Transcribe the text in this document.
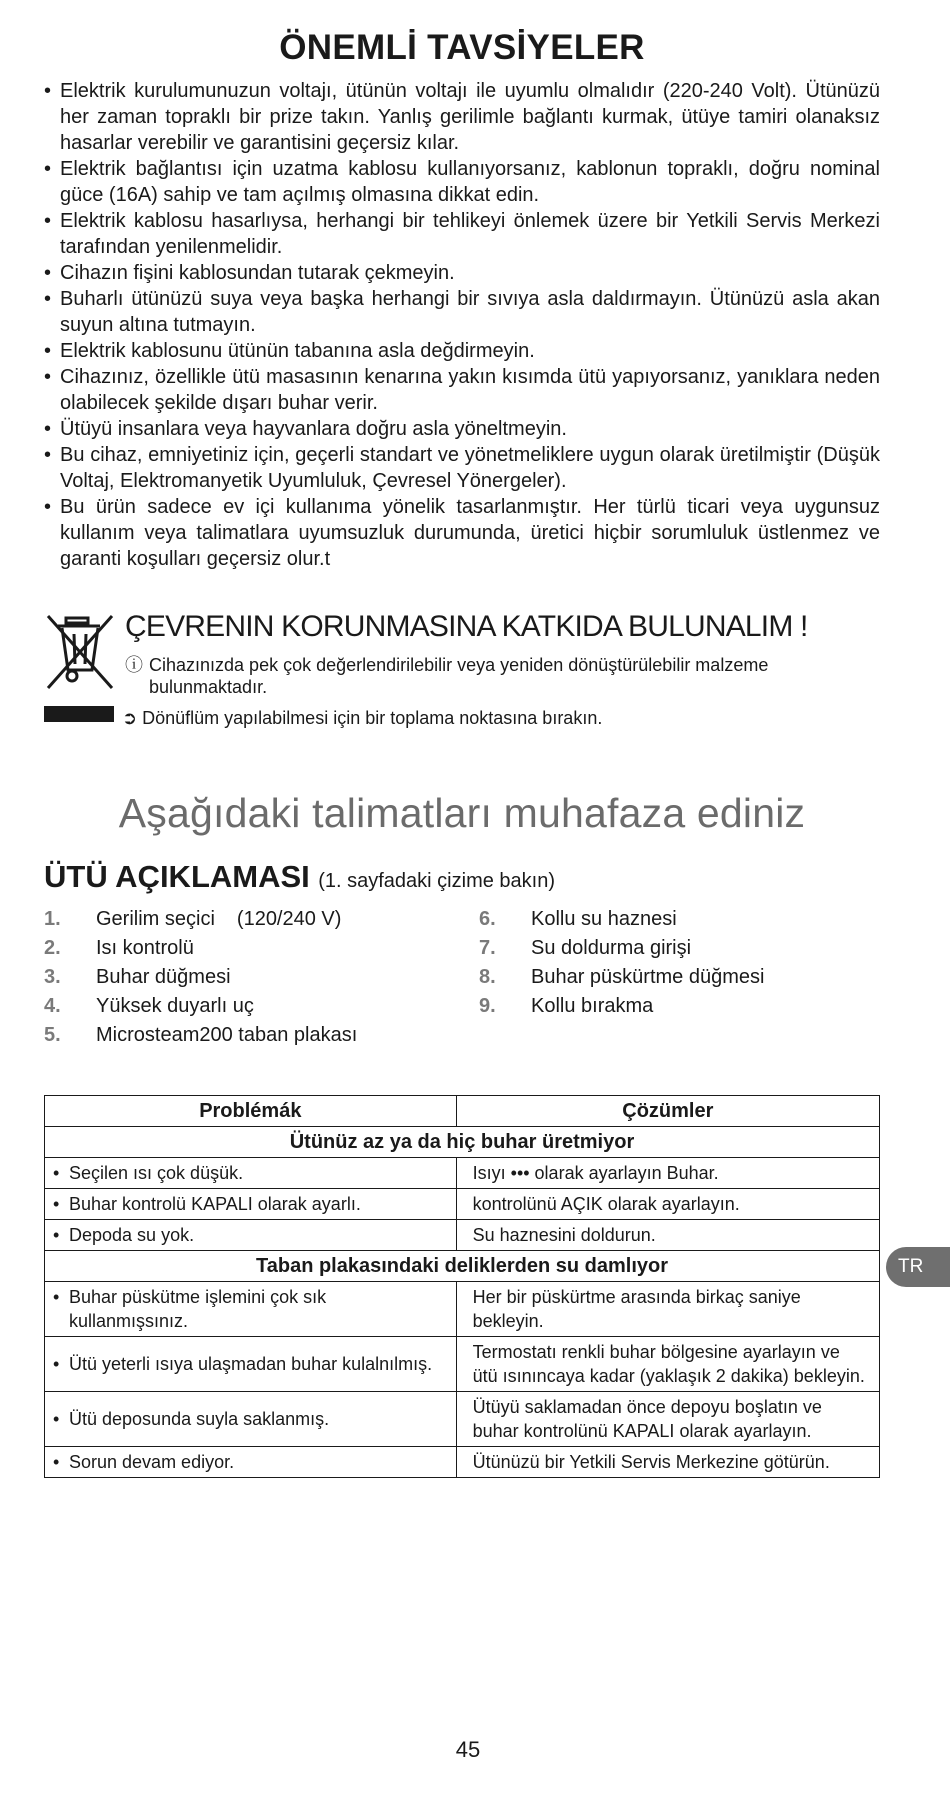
ÖNEMLİ TAVSİYELER
• Elektrik kurulumunuzun voltajı, ütünün voltajı ile uyumlu olmalıdır (220-240 Volt). Ütünüzü her zaman topraklı bir prize takın. Yanlış gerilimle bağlantı kurmak, ütüye tamiri olanaksız hasarlar verebilir ve garantisini geçersiz kılar.
• Elektrik bağlantısı için uzatma kablosu kullanıyorsanız, kablonun topraklı, doğru nominal güce (16A) sahip ve tam açılmış olmasına dikkat edin.
• Elektrik kablosu hasarlıysa, herhangi bir tehlikeyi önlemek üzere bir Yetkili Servis Merkezi tarafından yenilenmelidir.
• Cihazın fişini kablosundan tutarak çekmeyin.
• Buharlı ütünüzü suya veya başka herhangi bir sıvıya asla daldırmayın. Ütünüzü asla akan suyun altına tutmayın.
• Elektrik kablosunu ütünün tabanına asla değdirmeyin.
• Cihazınız, özellikle ütü masasının kenarına yakın kısımda ütü yapıyorsanız, yanıklara neden olabilecek şekilde dışarı buhar verir.
• Ütüyü insanlara veya hayvanlara doğru asla yöneltmeyin.
• Bu cihaz, emniyetiniz için, geçerli standart ve yönetmeliklere uygun olarak üretilmiştir (Düşük Voltaj, Elektromanyetik Uyumluluk, Çevresel Yönergeler).
• Bu ürün sadece ev içi kullanıma yönelik tasarlanmıştır. Her türlü ticari veya uygunsuz kullanım veya talimatlara uyumsuzluk durumunda, üretici hiçbir sorumluluk üstlenmez ve garanti koşulları geçersiz olur.t
ÇEVRENIN KORUNMASINA KATKIDA BULUNALIM !
ⓘ Cihazınızda pek çok değerlendirilebilir veya yeniden dönüştürülebilir malzeme
bulunmaktadır.
➲ Dönüflüm yapılabilmesi için bir toplama noktasına bırakın.
Aşağıdaki talimatları muhafaza ediniz
ÜTÜ AÇIKLAMASI (1. sayfadaki çizime bakın)
1. Gerilim seçici (120/240 V)
2. Isı kontrolü
3. Buhar düğmesi
4. Yüksek duyarlı uç
5. Microsteam200 taban plakası
6. Kollu su haznesi
7. Su doldurma girişi
8. Buhar püskürtme düğmesi
9. Kollu bırakma
Problémák	Çözümler
Ütünüz az ya da hiç buhar üretmiyor	
• Seçilen ısı çok düşük.	Isıyı ••• olarak ayarlayın Buhar.
• Buhar kontrolü KAPALI olarak ayarlı.	kontrolünü AÇIK olarak ayarlayın.
• Depoda su yok.	Su haznesini doldurun.
Taban plakasındaki deliklerden su damlıyor	
• Buhar püskütme işlemini çok sık kullanmışsınız.	Her bir püskürtme arasında birkaç saniye bekleyin.
• Ütü yeterli ısıya ulaşmadan buhar kulalnılmış.	Termostatı renkli buhar bölgesine ayarlayın ve ütü ısınıncaya kadar (yaklaşık 2 dakika) bekleyin.
• Ütü deposunda suyla saklanmış.	Ütüyü saklamadan önce depoyu boşlatın ve buhar kontrolünü KAPALI olarak ayarlayın.
• Sorun devam ediyor.	Ütünüzü bir Yetkili Servis Merkezine götürün.
TR
45
